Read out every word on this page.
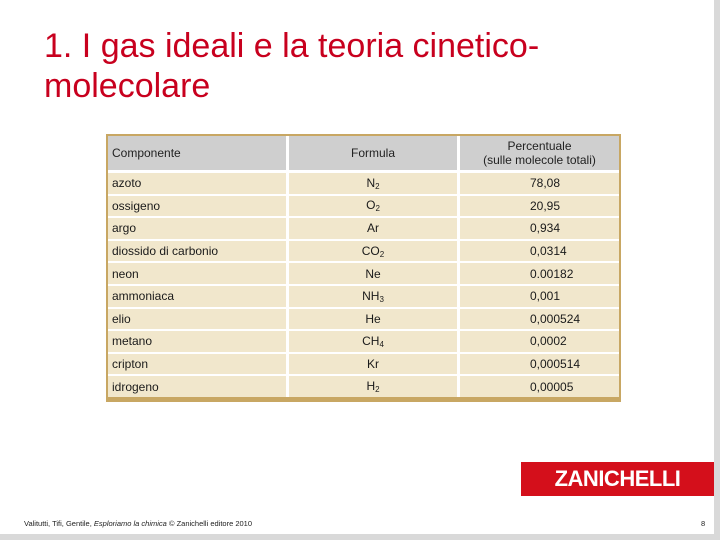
1. I gas ideali e la teoria cinetico-
molecolare
Componente	Formula	Percentuale
(sulle molecole totali)
azoto	$N_2$	78,08
ossigeno	$O_2$	20,95
argo	Ar	0,934
diossido di carbonio	$CO_2$	0,0314
neon	Ne	0.00182
ammoniaca	$NH_3$	0,001
elio	He	0,000524
metano	$CH_4$	0,0002
cripton	Kr	0,000514
idrogeno	$H_2$	0,00005
ZANICHELLI
Valitutti, Tifi, Gentile, Esploriamo la chimica © Zanichelli editore 2010	8
